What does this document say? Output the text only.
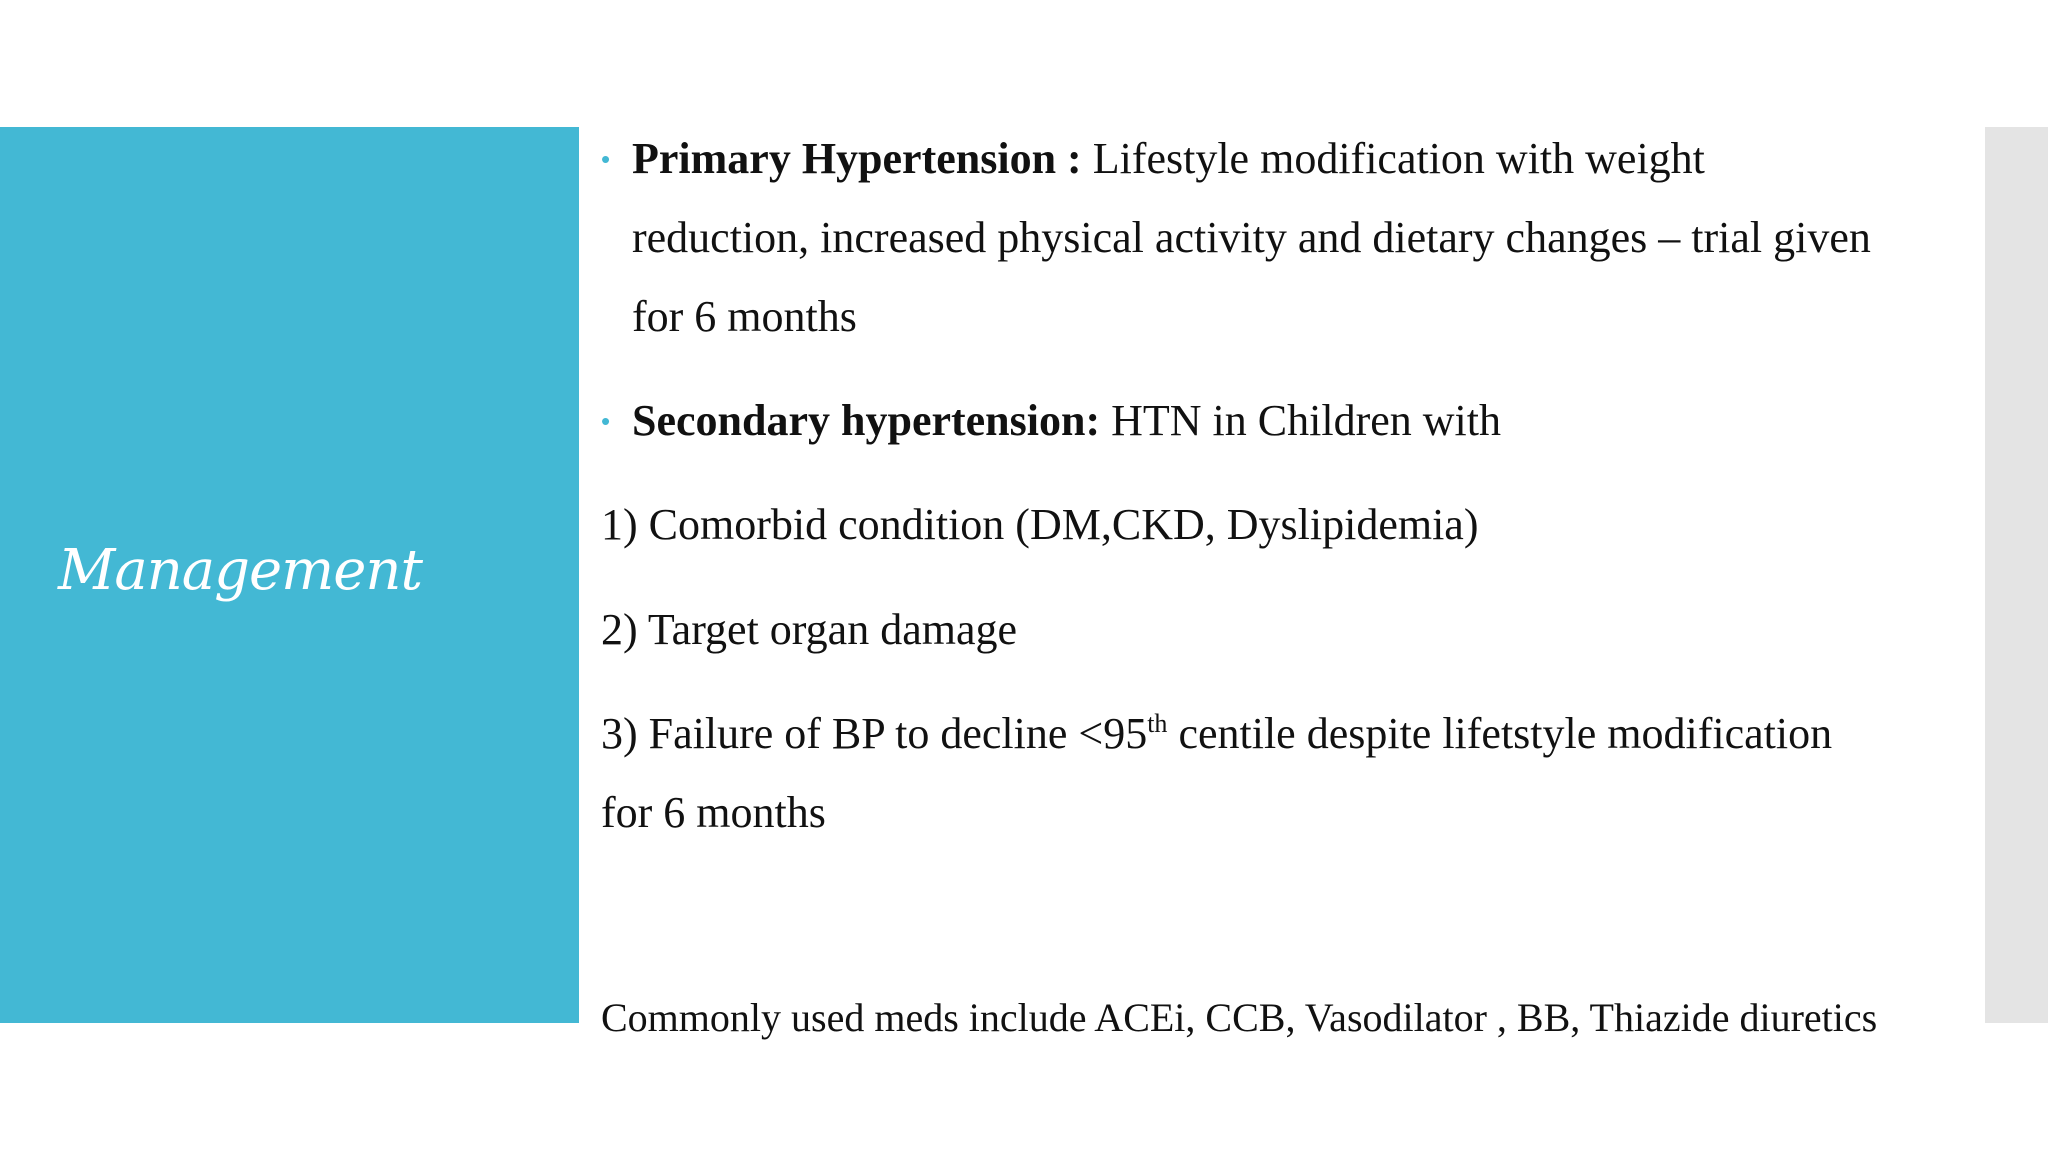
Management
• Primary Hypertension : Lifestyle modification with weight
reduction, increased physical activity and dietary changes – trial given
for 6 months
• Secondary hypertension: HTN in Children with
1) Comorbid condition (DM,CKD, Dyslipidemia)
2) Target organ damage
3) Failure of BP to decline <95th centile despite lifetstyle modification
for 6 months
Commonly used meds include ACEi, CCB, Vasodilator , BB, Thiazide diuretics
